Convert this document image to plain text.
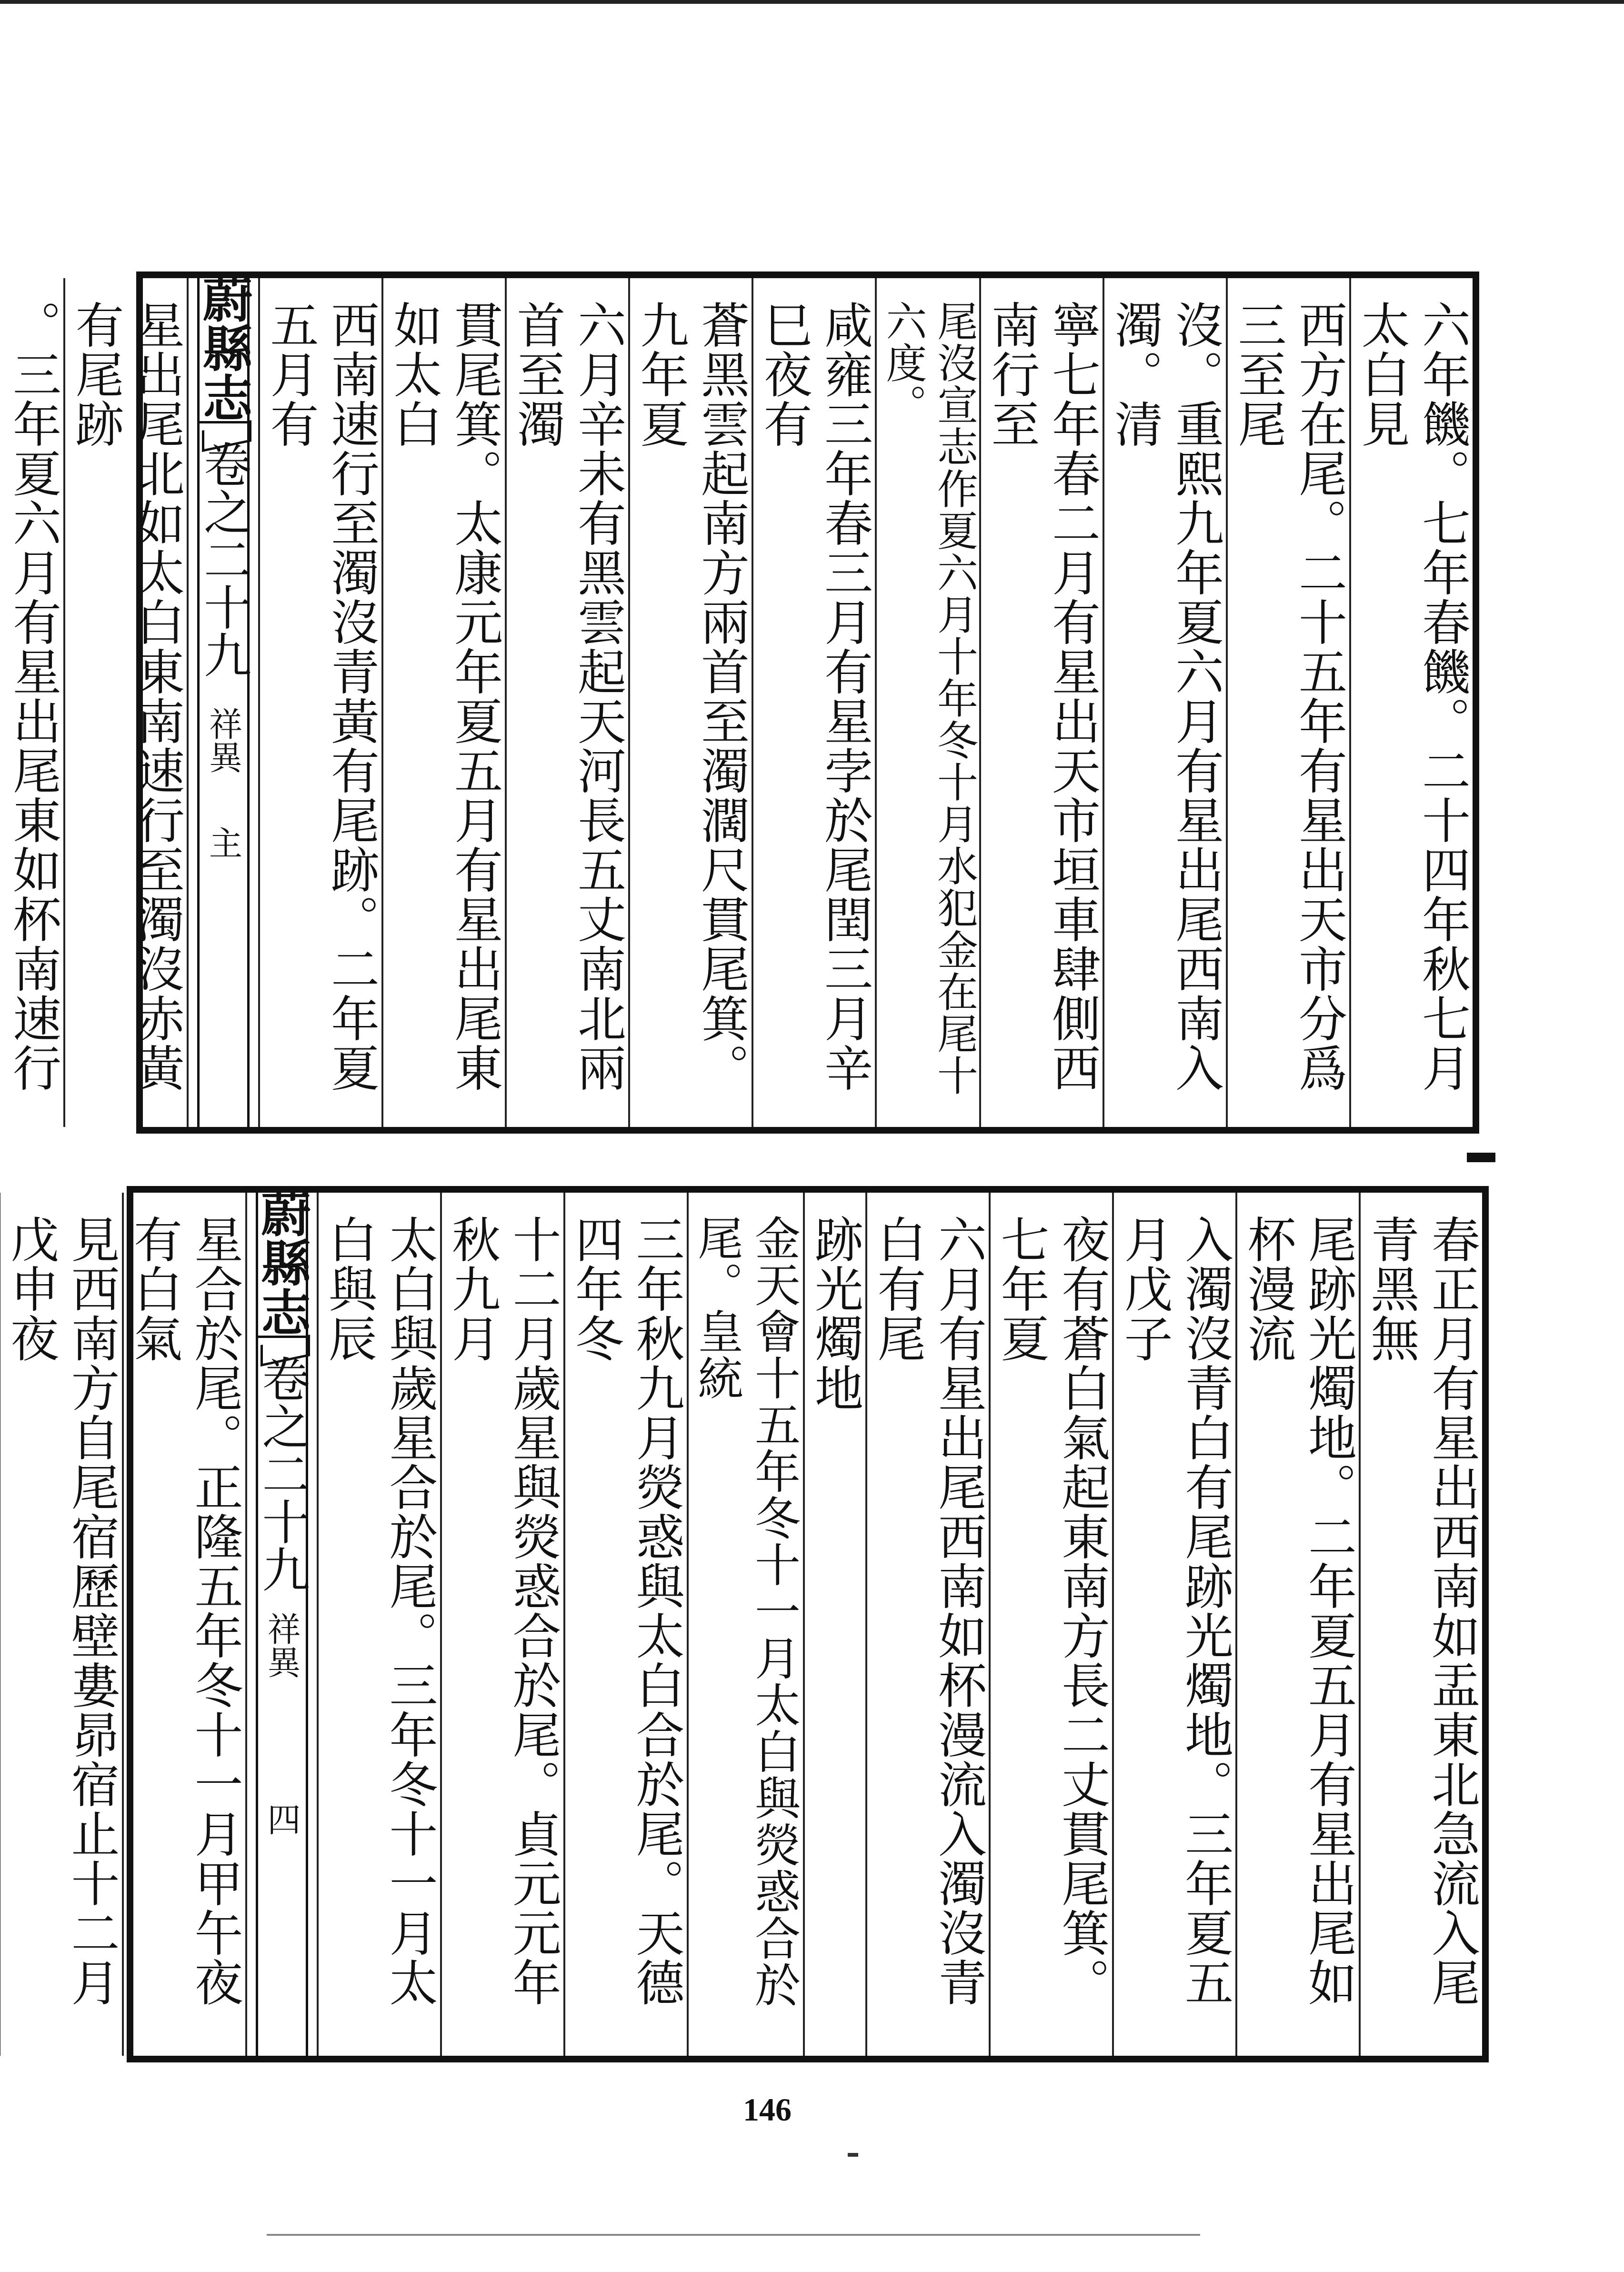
六年饑。七年春饑。二十四年秋七月太白見
西方在尾。二十五年有星出天市分爲三至尾
沒。重熙九年夏六月有星出尾西南入濁。清
寧七年春二月有星出天市垣車肆側西南行至
尾沒宣志作夏六月十年冬十月水犯金在尾十六度。
咸雍三年春三月有星孛於尾閏三月辛巳夜有
蒼黑雲起南方兩首至濁濶尺貫尾箕。九年夏
六月辛未有黑雲起天河長五丈南北兩首至濁
貫尾箕。太康元年夏五月有星出尾東如太白
西南速行至濁沒青黃有尾跡。二年夏五月有
蔚縣志
卷之二十九
祥異
主
星出尾北如太白東南速行至濁沒赤黃有尾跡
。三年夏六月有星出尾東如杯南速行
春正月有星出西南如盂東北急流入尾青黑無
尾跡光燭地。二年夏五月有星出尾如杯漫流
入濁沒青白有尾跡光燭地。三年夏五月戊子
夜有蒼白氣起東南方長二丈貫尾箕。七年夏
六月有星出尾西南如杯漫流入濁沒青白有尾
跡光燭地
金天會十五年冬十一月太白與熒惑合於尾。皇統
三年秋九月熒惑與太白合於尾。天德四年冬
十二月歲星與熒惑合於尾。貞元元年秋九月
太白與歲星合於尾。三年冬十一月太白與辰
蔚縣志
卷之二十九
祥異
四
星合於尾。正隆五年冬十一月甲午夜有白氣
見西南方自尾宿歷壁婁昴宿止十二月戊申夜
146
